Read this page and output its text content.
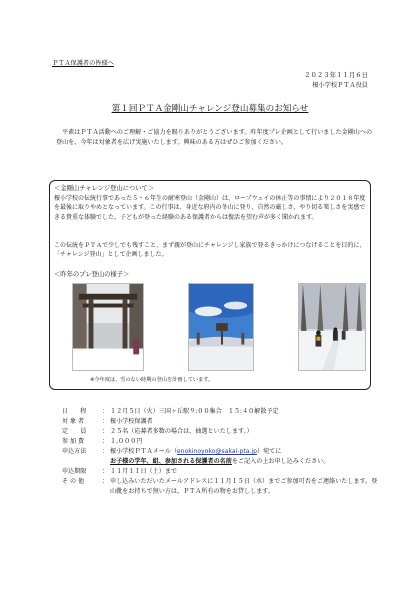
ＰＴＡ保護者の皆様へ
２０２３年１１月６日
榎小学校ＰＴＡ役員
第１回ＰＴＡ金剛山チャレンジ登山募集のお知らせ
平素はＰＴＡ活動へのご理解・ご協力を賜りありがとうございます。昨年度プレ企画として行いました金剛山への登山を、今年は対象者を広げ実施いたします。興味のある方はぜひご参加ください。
＜金剛山チャレンジ登山について＞
榎小学校の伝統行事であった５・６年生の耐寒登山（金剛山）は、ロープウェイの休止等の事情により２０１８年度を最後に取りやめとなっています。この行事は、身近な府内の冬山に登り、自然の厳しさ、やり切る楽しさを実感できる貴重な体験でした。子どもが登った経験のある保護者からは復活を望む声が多く聞かれます。
この伝統をＰＴＡで少しでも残すこと、まず親が登山にチャレンジし家族で登るきっかけにつなげることを目的に、「チャレンジ登山」として企画しました。
＜昨年のプレ登山の様子＞
※今年度は、雪のない時期の登山を計画しています。
日　　程	： １２月５日（火）三国ヶ丘駅９:００集合　１５:４０解散予定
対 象 者	： 榎小学校保護者
定　　員	： ２５名（応募者多数の場合は、抽選といたします。）
参 加 費	： １,０００円
申込方法	： 榎小学校ＰＴＡメール（enokinoyoko@sakai-pta.jp）宛てに
お子様の学年、組、参加される保護者の名前をご記入の上お申し込みください。
申込期限	： １１月１１日（土）まで
そ の 他	： 申し込みいただいたメールアドレスに１１月１５日（水）までご参加可否をご連絡いたします。登山靴をお持ちで無い方は、ＰＴＡ所有の物をお貸しします。
